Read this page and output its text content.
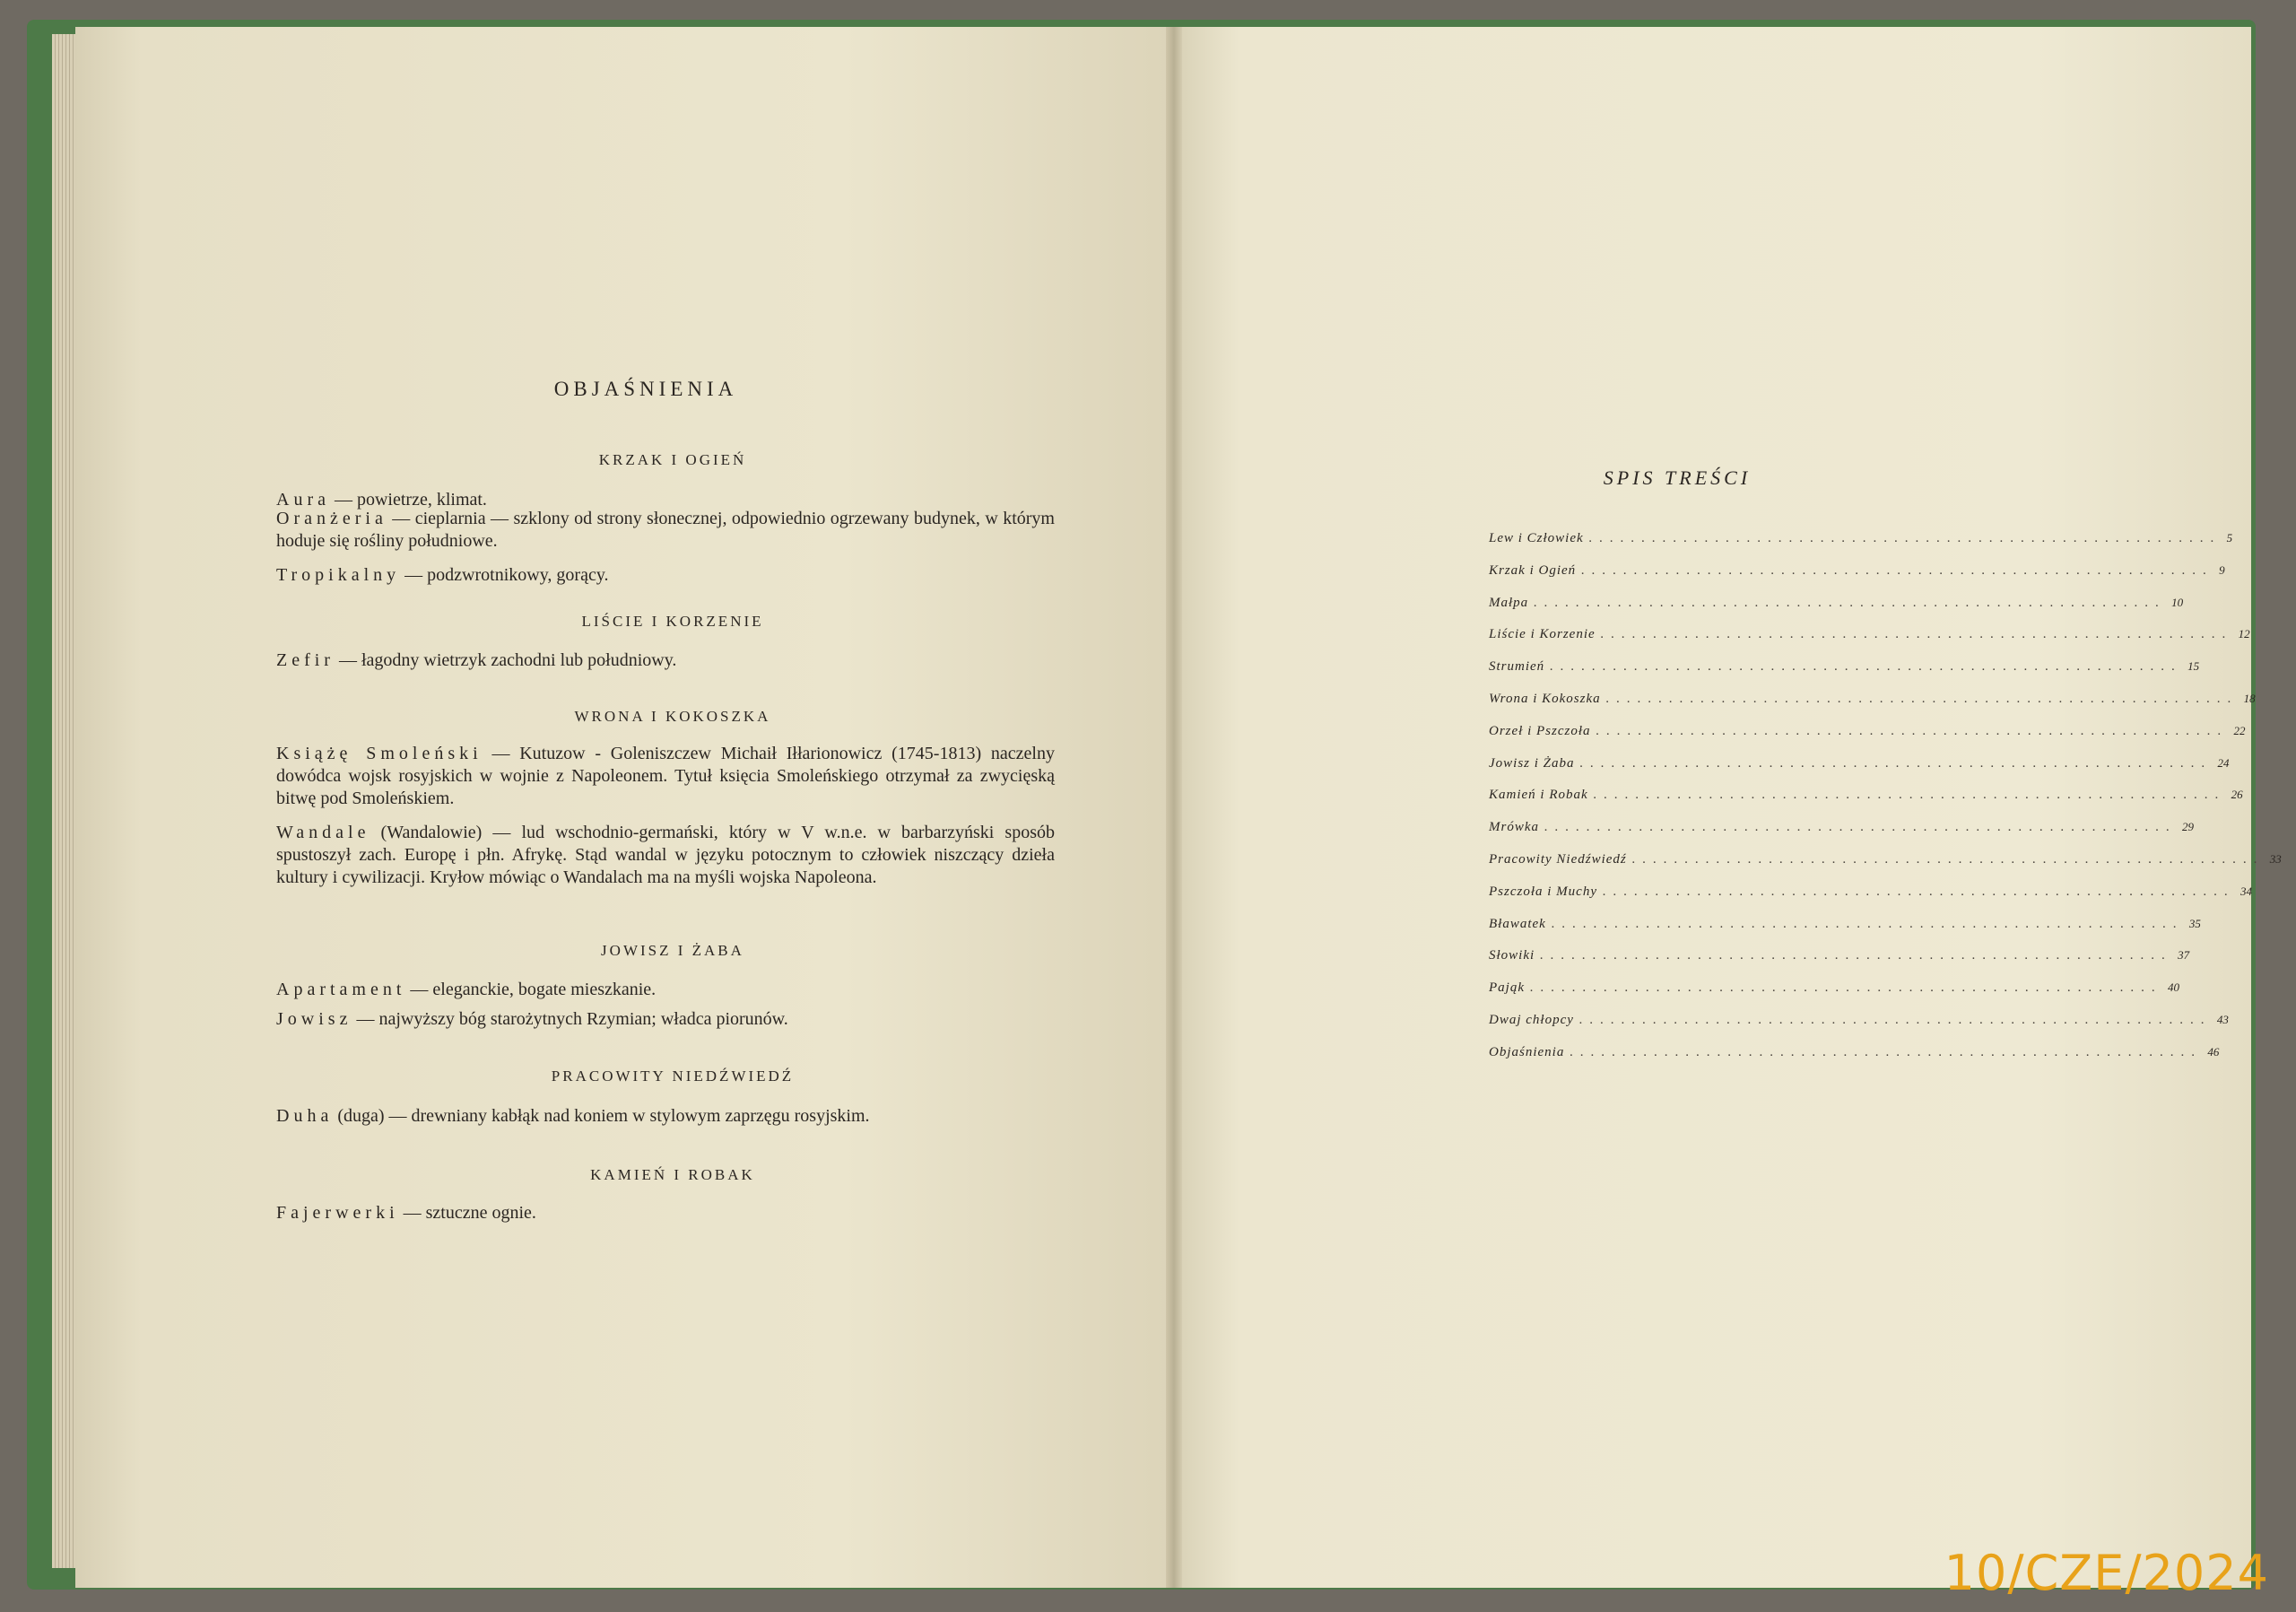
OBJAŚNIENIA
KRZAK I OGIEŃ
Aura — powietrze, klimat.
Oranżeria — cieplarnia — szklony od strony słonecznej, odpowiednio ogrzewany budynek, w którym hoduje się rośliny południowe.
Tropikalny — podzwrotnikowy, gorący.
LIŚCIE I KORZENIE
Zefir — łagodny wietrzyk zachodni lub południowy.
WRONA I KOKOSZKA
Książę Smoleński — Kutuzow - Goleniszczew Michaił Iłłarionowicz (1745-1813) naczelny dowódca wojsk rosyjskich w wojnie z Napoleonem. Tytuł księcia Smoleńskiego otrzymał za zwycięską bitwę pod Smoleńskiem.
Wandale (Wandalowie) — lud wschodnio-germański, który w V w.n.e. w barbarzyński sposób spustoszył zach. Europę i płn. Afrykę. Stąd wandal w języku potocznym to człowiek niszczący dzieła kultury i cywilizacji. Kryłow mówiąc o Wandalach ma na myśli wojska Napoleona.
JOWISZ I ŻABA
Apartament — eleganckie, bogate mieszkanie.
Jowisz — najwyższy bóg starożytnych Rzymian; władca piorunów.
PRACOWITY NIEDŹWIEDŹ
Duha (duga) — drewniany kabłąk nad koniem w stylowym zaprzęgu rosyjskim.
KAMIEŃ I ROBAK
Fajerwerki — sztuczne ognie.
SPIS TREŚCI
Lew i Człowiek ............................................................ 5
Krzak i Ogień ............................................................ 9
Małpa ............................................................ 10
Liście i Korzenie ............................................................ 12
Strumień ............................................................ 15
Wrona i Kokoszka ............................................................ 18
Orzeł i Pszczoła ............................................................ 22
Jowisz i Żaba ............................................................ 24
Kamień i Robak ............................................................ 26
Mrówka ............................................................ 29
Pracowity Niedźwiedź ............................................................ 33
Pszczoła i Muchy ............................................................ 34
Bławatek ............................................................ 35
Słowiki ............................................................ 37
Pająk ............................................................ 40
Dwaj chłopcy ............................................................ 43
Objaśnienia ............................................................ 46
10/CZE/2024
